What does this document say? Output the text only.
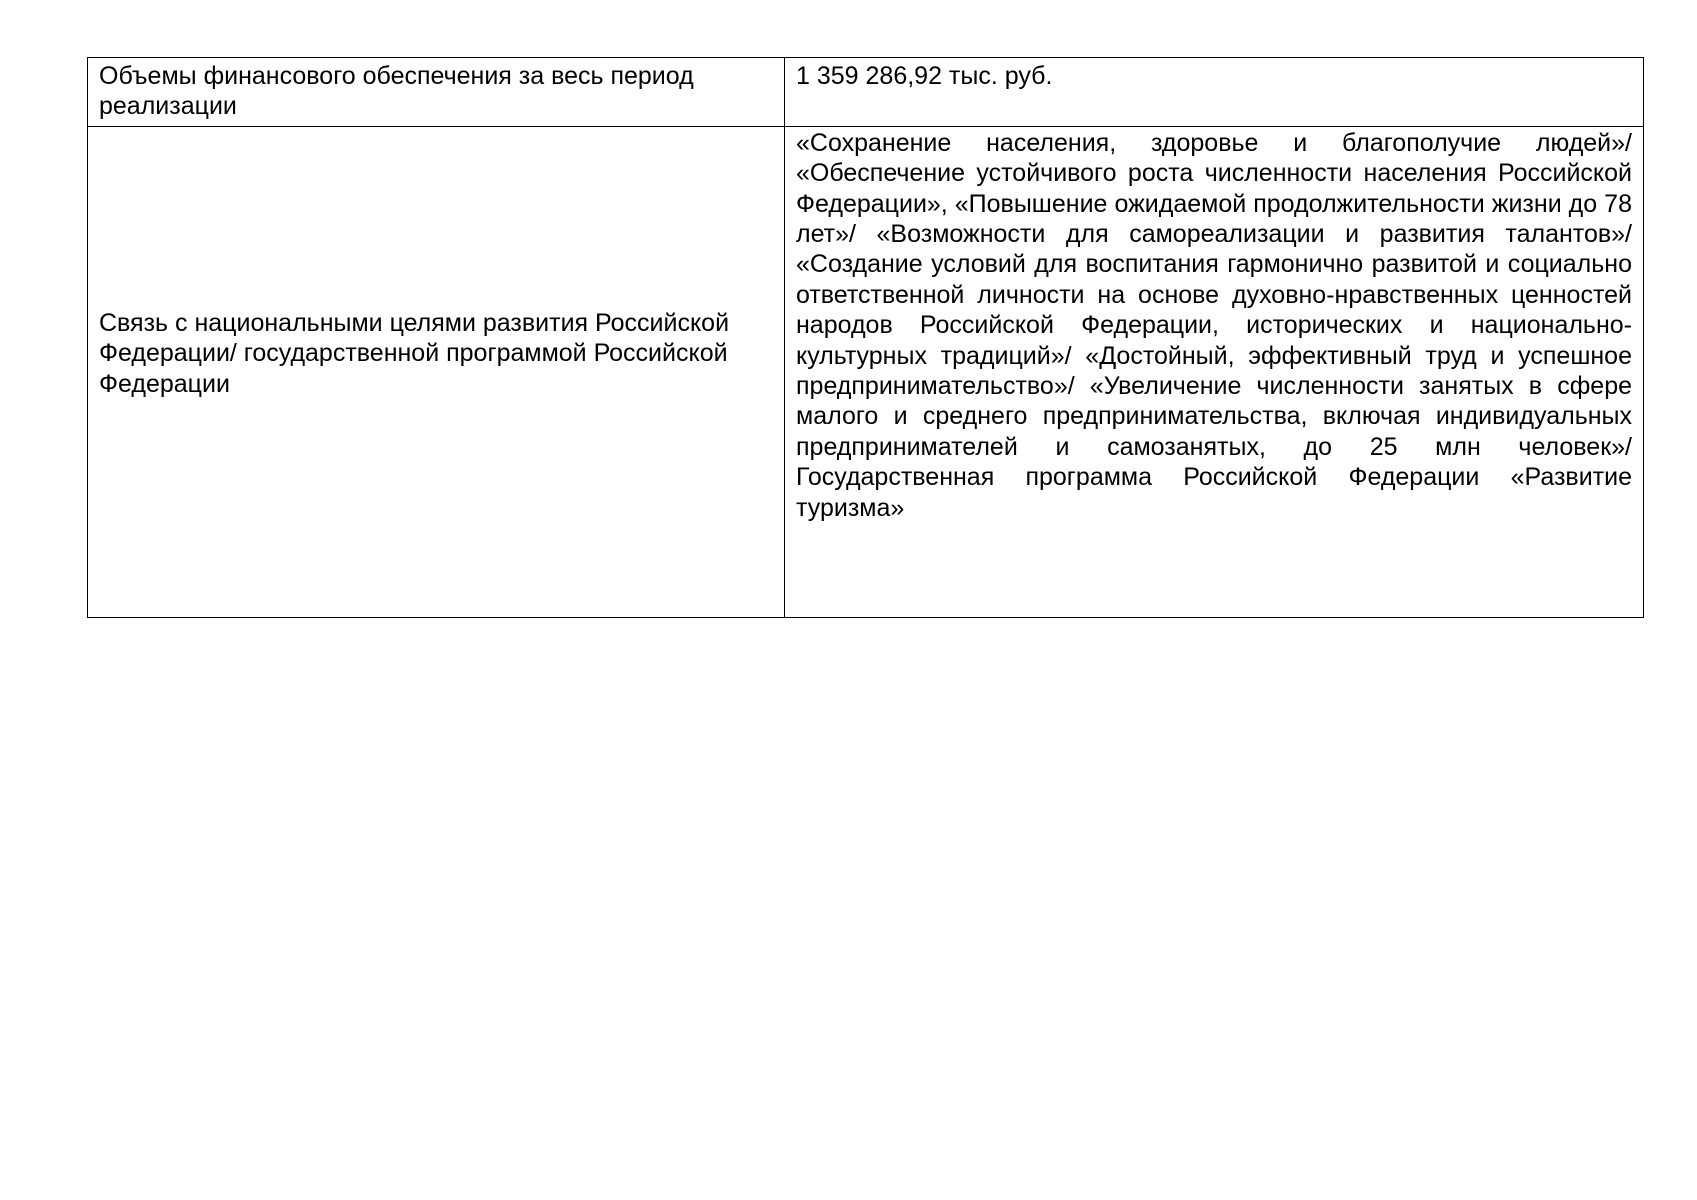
Объемы финансового обеспечения за весь период реализации	1 359 286,92 тыс. руб.
Связь с национальными целями развития Российской Федерации/ государственной программой Российской Федерации	«Сохранение населения, здоровье и благополучие людей»/ «Обеспечение устойчивого роста численности населения Российской Федерации», «Повышение ожидаемой продолжительности жизни до 78 лет»/ «Возможности для самореализации и развития талантов»/ «Создание условий для воспитания гармонично развитой и социально ответственной личности на основе духовно-нравственных ценностей народов Российской Федерации, исторических и национально-культурных традиций»/ «Достойный, эффективный труд и успешное предпринимательство»/ «Увеличение численности занятых в сфере малого и среднего предпринимательства, включая индивидуальных предпринимателей и самозанятых, до 25 млн человек»/ Государственная программа Российской Федерации «Развитие туризма»
